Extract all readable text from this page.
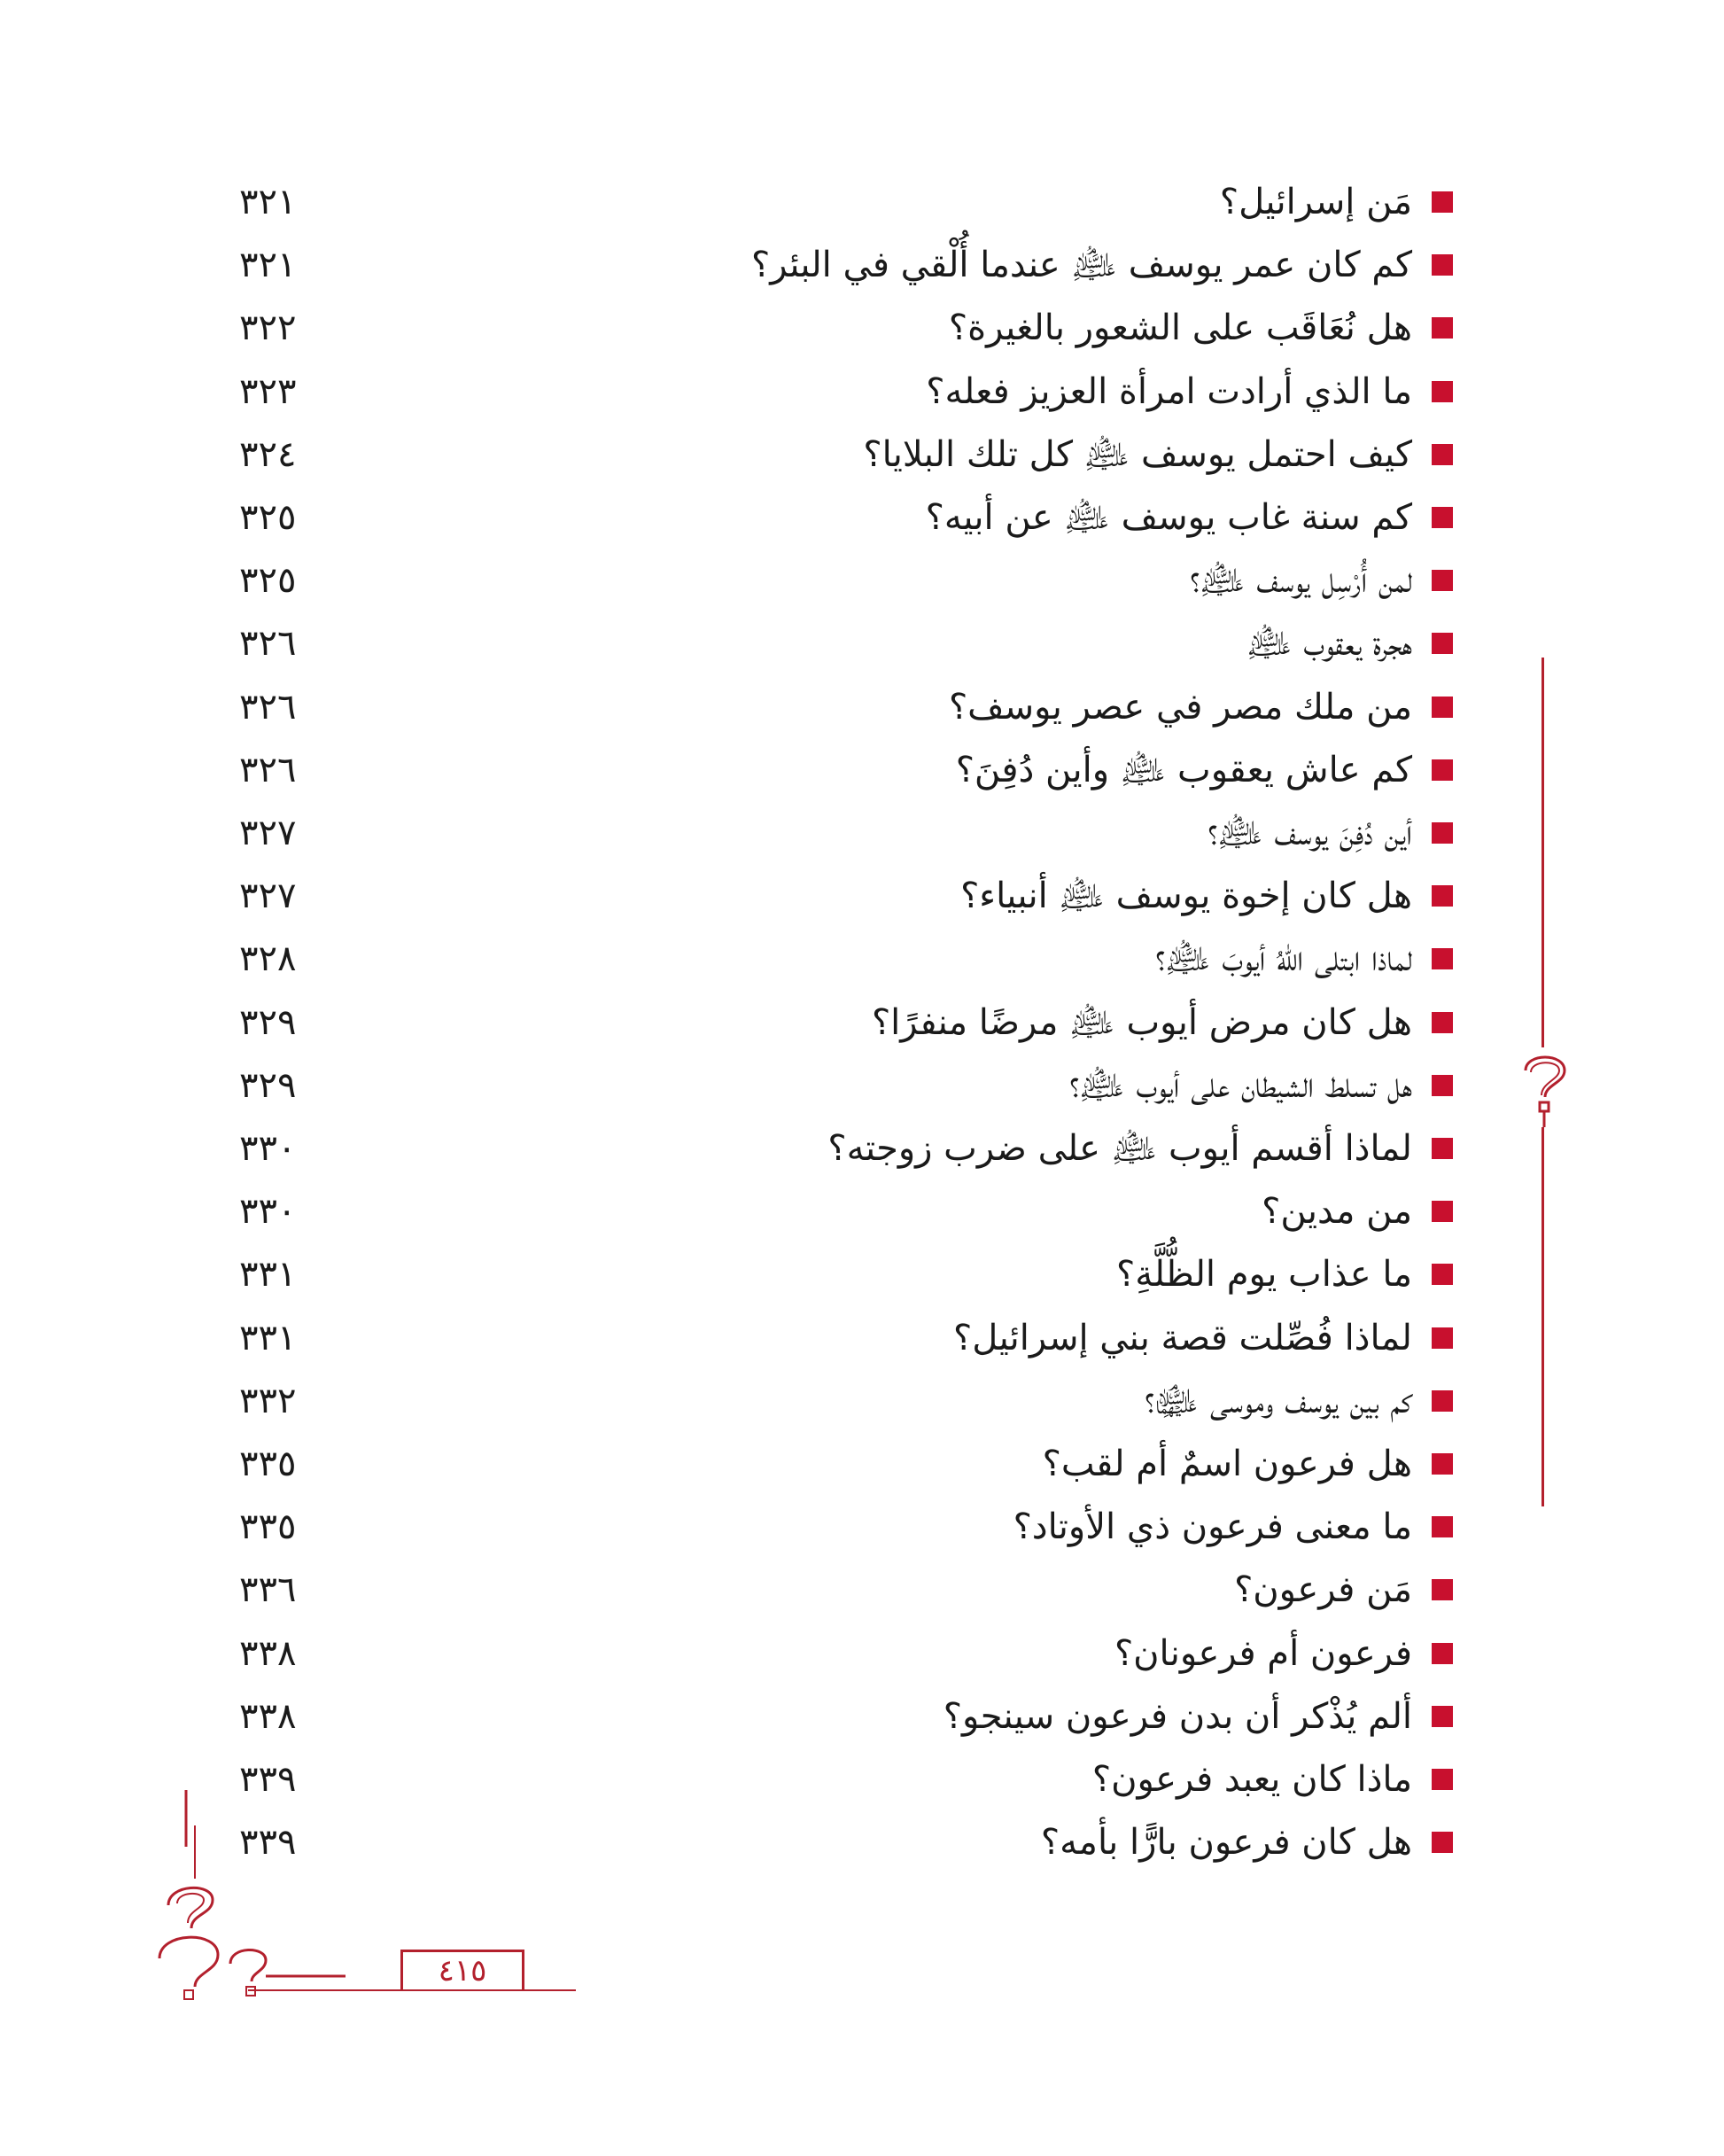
مَن إسرائيل؟
٣٢١
كم كان عمر يوسف ﵇ عندما أُلْقي في البئر؟
٣٢١
هل نُعَاقَب على الشعور بالغيرة؟
٣٢٢
ما الذي أرادت امرأة العزيز فعله؟
٣٢٣
كيف احتمل يوسف ﵇ كل تلك البلايا؟
٣٢٤
كم سنة غاب يوسف ﵇ عن أبيه؟
٣٢٥
لمن أُرْسِل يوسف ﵇؟
٣٢٥
هجرة يعقوب ﵇
٣٢٦
من ملك مصر في عصر يوسف؟
٣٢٦
كم عاش يعقوب ﵇ وأين دُفِنَ؟
٣٢٦
أين دُفِنَ يوسف ﵇؟
٣٢٧
هل كان إخوة يوسف ﵇ أنبياء؟
٣٢٧
لماذا ابتلى اللهُ أيوبَ ﵇؟
٣٢٨
هل كان مرض أيوب ﵇ مرضًا منفرًا؟
٣٢٩
هل تسلط الشيطان على أيوب ﵇؟
٣٢٩
لماذا أقسم أيوب ﵇ على ضرب زوجته؟
٣٣٠
من مدين؟
٣٣٠
ما عذاب يوم الظُّلَّةِ؟
٣٣١
لماذا فُصِّلت قصة بني إسرائيل؟
٣٣١
كم بين يوسف وموسى ﵉؟
٣٣٢
هل فرعون اسمٌ أم لقب؟
٣٣٥
ما معنى فرعون ذي الأوتاد؟
٣٣٥
مَن فرعون؟
٣٣٦
فرعون أم فرعونان؟
٣٣٨
ألم يُذْكر أن بدن فرعون سينجو؟
٣٣٨
ماذا كان يعبد فرعون؟
٣٣٩
هل كان فرعون بارًّا بأمه؟
٣٣٩
٤١٥
